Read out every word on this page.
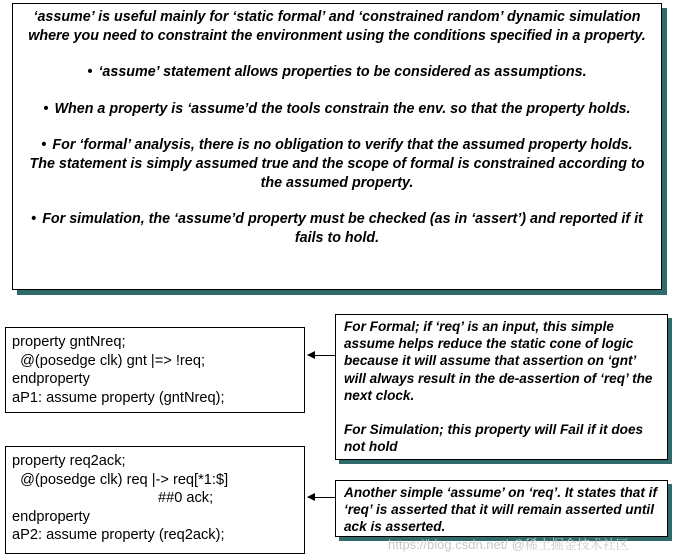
‘assume’ is useful mainly for ‘static formal’ and ‘constrained random’ dynamic simulation where you need to constraint the environment using the conditions specified in a property.

• ‘assume’ statement allows properties to be considered as assumptions.

• When a property is ‘assume’d the tools constrain the env. so that the property holds.

• For ‘formal’ analysis, there is no obligation to verify that the assumed property holds. The statement is simply assumed true and the scope of formal is constrained according to the assumed property.

• For simulation, the ‘assume’d property must be checked (as in ‘assert’) and reported if it fails to hold.

property gntNreq;
@(posedge clk) gnt |=> !req;
endproperty
aP1: assume property (gntNreq);
property req2ack;
@(posedge clk) req |-> req[*1:$]
##0 ack;
endproperty
aP2: assume property (req2ack);

For Formal; if ‘req’ is an input, this simple assume helps reduce the static cone of logic because it will assume that assertion on ‘gnt’ will always result in the de-assertion of ‘req’ the next clock.

For Simulation; this property will Fail if it does not hold

Another simple ‘assume’ on ‘req’. It states that if ‘req’ is asserted that it will remain asserted until ack is asserted.

https://blog.csdn.net/ @稀土掘金技术社区
